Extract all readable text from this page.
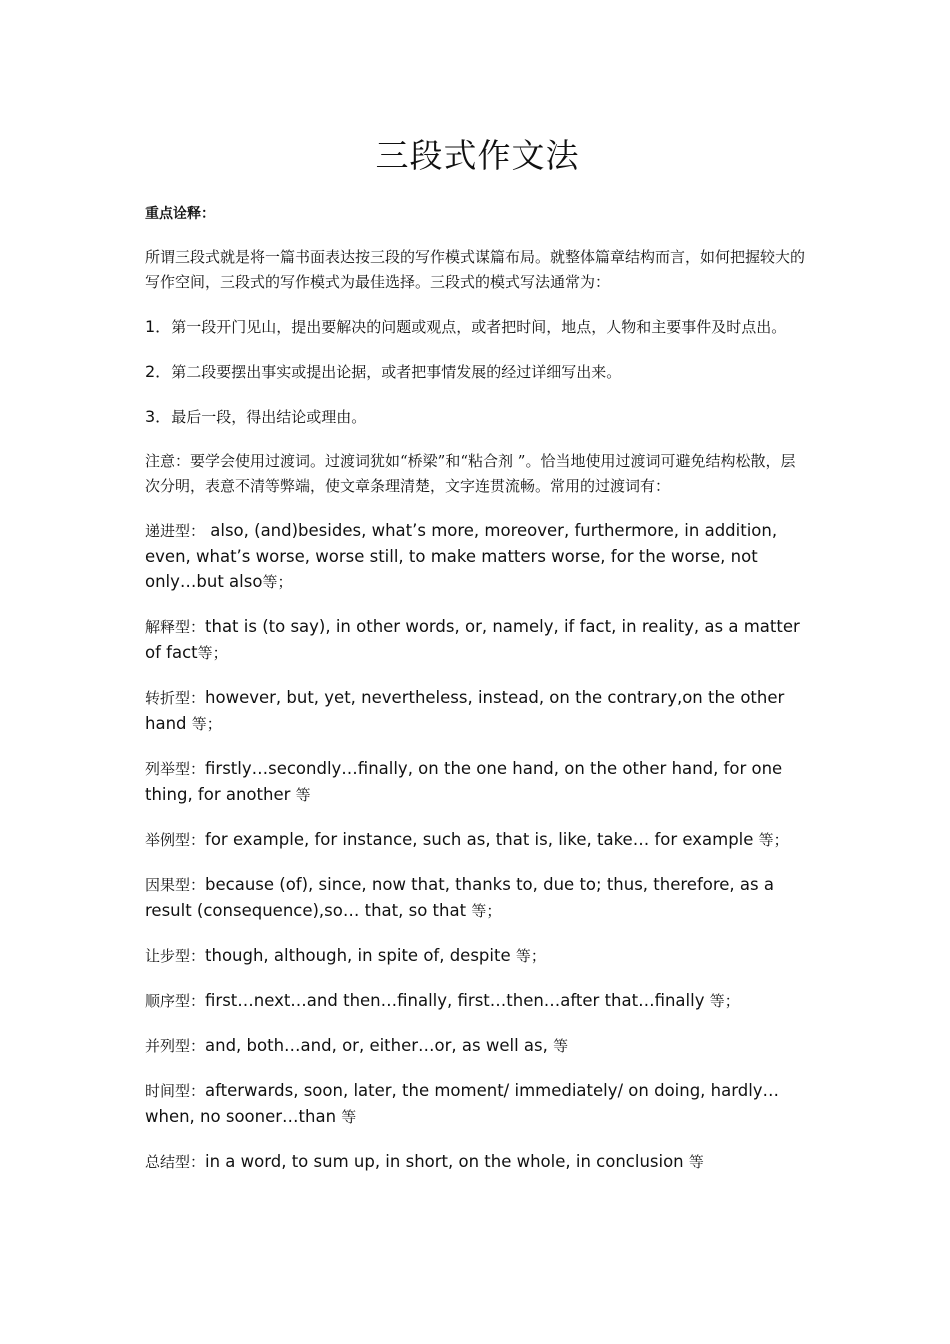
三段式作文法

重点诠释：

所谓三段式就是将一篇书面表达按三段的写作模式谋篇布局。就整体篇章结构而言，如何把握较大的写作空间，三段式的写作模式为最佳选择。三段式的模式写法通常为：

1．第一段开门见山，提出要解决的问题或观点，或者把时间，地点，人物和主要事件及时点出。

2．第二段要摆出事实或提出论据，或者把事情发展的经过详细写出来。

3．最后一段，得出结论或理由。

注意：要学会使用过渡词。过渡词犹如“桥梁”和“粘合剂 ”。恰当地使用过渡词可避免结构松散，层次分明，表意不清等弊端，使文章条理清楚，文字连贯流畅。常用的过渡词有：

递进型： also, (and)besides, what’s more, moreover, furthermore, in addition, even, what’s worse, worse still, to make matters worse, for the worse, not only…but also等；

解释型：that is (to say), in other words, or, namely, if fact, in reality, as a matter of fact等；

转折型：however, but, yet, nevertheless, instead, on the contrary,on the other hand 等；

列举型：firstly…secondly…finally, on the one hand, on the other hand, for one thing, for another 等

举例型：for example, for instance, such as, that is, like, take… for example 等；

因果型：because (of), since, now that, thanks to, due to; thus, therefore, as a result (consequence),so… that, so that 等；

让步型：though, although, in spite of, despite 等；

顺序型：first…next…and then…finally, first…then…after that…finally 等；

并列型：and, both…and, or, either…or, as well as, 等

时间型：afterwards, soon, later, the moment/ immediately/ on doing, hardly…when, no sooner…than 等

总结型：in a word, to sum up, in short, on the whole, in conclusion 等
